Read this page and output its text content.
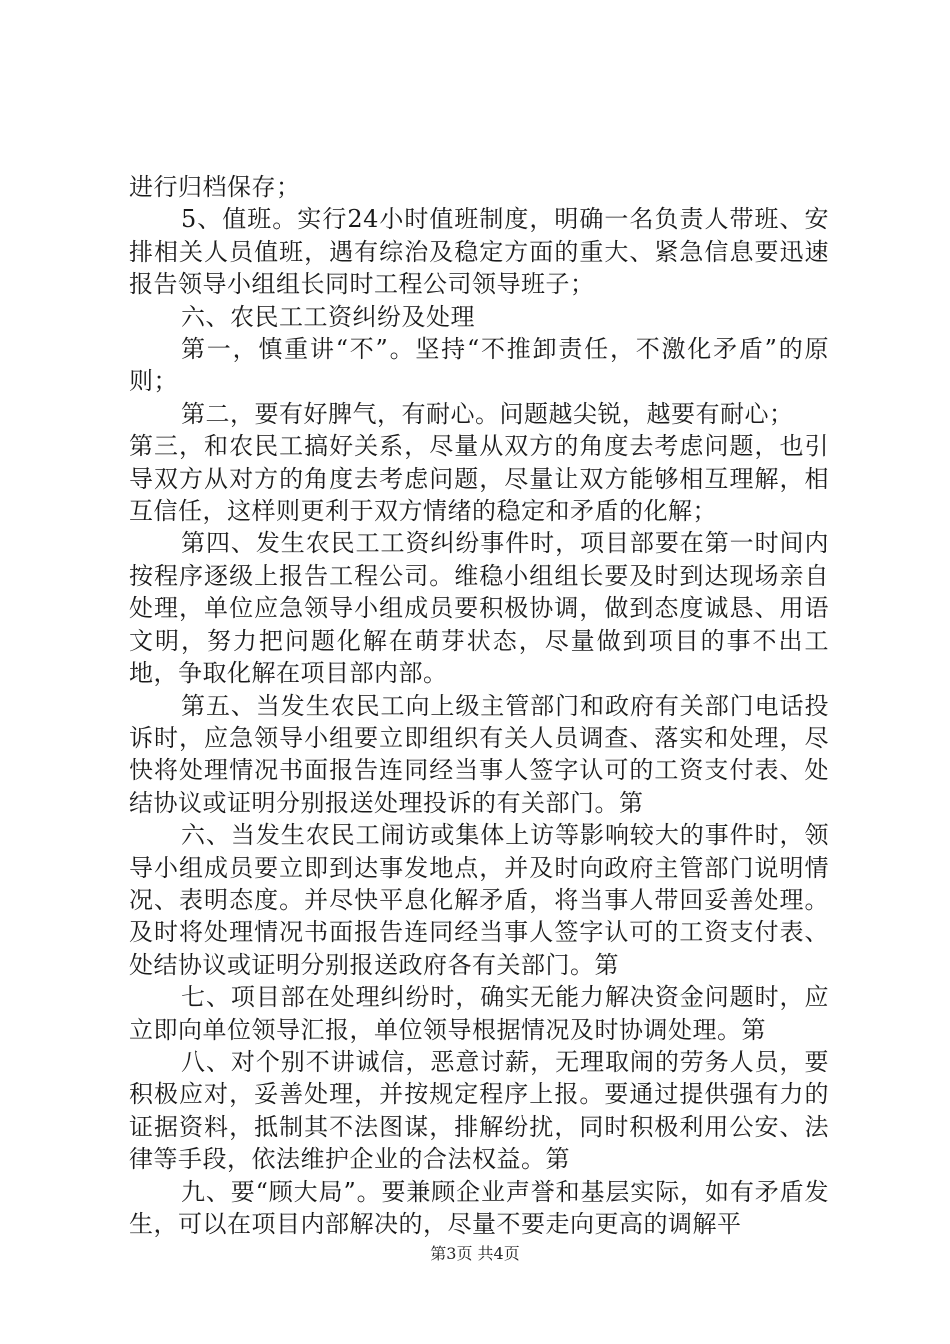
进行归档保存；

5、值班。实行24小时值班制度，明确一名负责人带班、安排相关人员值班，遇有综治及稳定方面的重大、紧急信息要迅速报告领导小组组长同时工程公司领导班子；

六、农民工工资纠纷及处理

第一，慎重讲“不”。坚持“不推卸责任，不激化矛盾”的原则；

第二，要有好脾气，有耐心。问题越尖锐，越要有耐心；

第三，和农民工搞好关系，尽量从双方的角度去考虑问题，也引导双方从对方的角度去考虑问题，尽量让双方能够相互理解，相互信任，这样则更利于双方情绪的稳定和矛盾的化解；

第四、发生农民工工资纠纷事件时，项目部要在第一时间内按程序逐级上报告工程公司。维稳小组组长要及时到达现场亲自处理，单位应急领导小组成员要积极协调，做到态度诚恳、用语文明，努力把问题化解在萌芽状态，尽量做到项目的事不出工地，争取化解在项目部内部。

第五、当发生农民工向上级主管部门和政府有关部门电话投诉时，应急领导小组要立即组织有关人员调查、落实和处理，尽快将处理情况书面报告连同经当事人签字认可的工资支付表、处结协议或证明分别报送处理投诉的有关部门。第

六、当发生农民工闹访或集体上访等影响较大的事件时，领导小组成员要立即到达事发地点，并及时向政府主管部门说明情况、表明态度。并尽快平息化解矛盾，将当事人带回妥善处理。及时将处理情况书面报告连同经当事人签字认可的工资支付表、处结协议或证明分别报送政府各有关部门。第

七、项目部在处理纠纷时，确实无能力解决资金问题时，应立即向单位领导汇报，单位领导根据情况及时协调处理。第

八、对个别不讲诚信，恶意讨薪，无理取闹的劳务人员，要积极应对，妥善处理，并按规定程序上报。要通过提供强有力的证据资料，抵制其不法图谋，排解纷扰，同时积极利用公安、法律等手段，依法维护企业的合法权益。第

九、要“顾大局”。要兼顾企业声誉和基层实际，如有矛盾发生，可以在项目内部解决的，尽量不要走向更高的调解平

第3页 共4页
